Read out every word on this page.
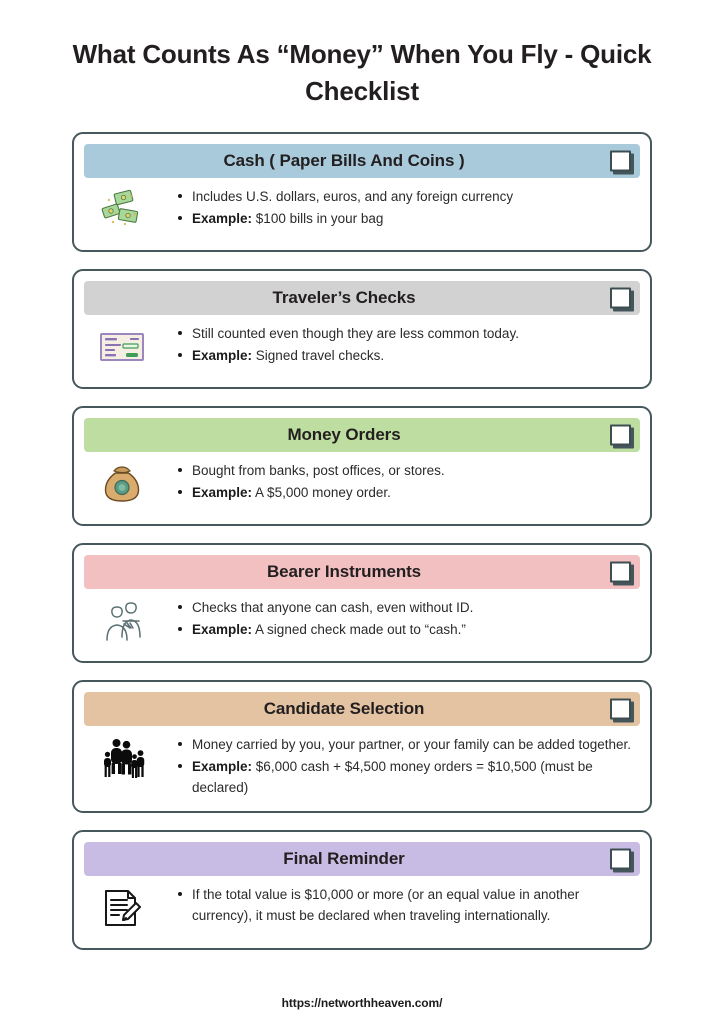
What Counts As “Money” When You Fly - Quick Checklist
Cash ( Paper Bills And Coins )
Includes U.S. dollars, euros, and any foreign currency
Example: $100 bills in your bag
Traveler’s Checks
Still counted even though they are less common today.
Example: Signed travel checks.
Money Orders
Bought from banks, post offices, or stores.
Example: A $5,000 money order.
Bearer Instruments
Checks that anyone can cash, even without ID.
Example: A signed check made out to “cash.”
Candidate Selection
Money carried by you, your partner, or your family can be added together.
Example: $6,000 cash + $4,500 money orders = $10,500 (must be declared)
Final Reminder
If the total value is $10,000 or more (or an equal value in another currency), it must be declared when traveling internationally.
https://networthheaven.com/
